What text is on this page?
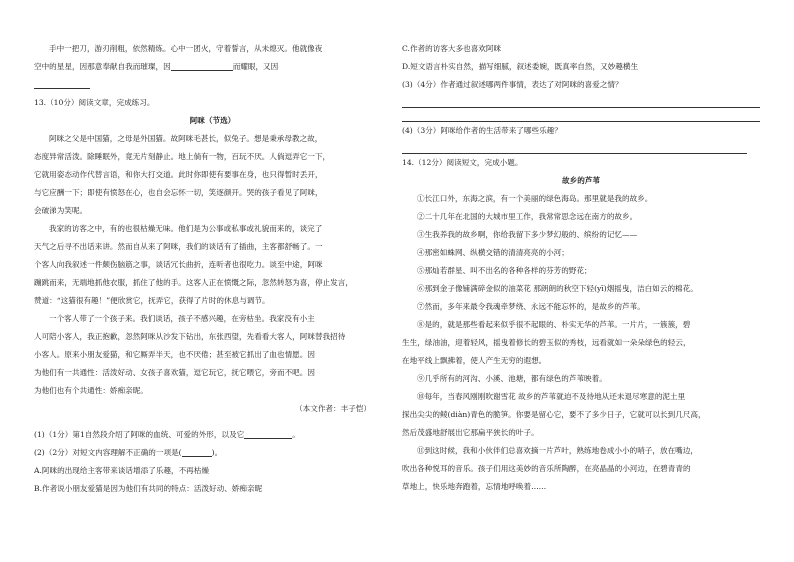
手中一把刀，游刃削粗，依然精炼。心中一团火，守着誓言，从未熄灭。他就像夜

空中的星星，因那意奉献自我而璀璨，因	而耀眼，又因

13.（10分）阅读文章，完成练习。

阿咪（节选）

阿咪之父是中国猫，之母是外国猫。故阿咪毛甚长，似兔子。想是秉承母教之故，

态度异常活泼。除睡眠外，竟无片刻静止。地上倘有一物，百玩不厌。人倘逗弄它一下，

它就用姿态动作代替言语，和你大打交道。此时你即使有要事在身，也只得暂时丢开，

与它应酬一下；即使有愤怒在心，也自会忘怀一切，笑逐颜开。哭的孩子看见了阿咪，

会破涕为笑呢。

我家的访客之中，有的也很枯燥无味。他们是为公事或私事或礼貌而来的，谈完了

天气之后寻不出话来讲。然而自从来了阿咪，我们的谈话有了插曲，主客都舒畅了。一

个客人向我叙述一件颇伤脑筋之事，谈话冗长曲折，连听者也很吃力。谈至中途，阿咪

蹦跳而来，无端地抓他衣服，抓住了他的手。这客人正在愤慨之际，忽然转怒为喜，停止发言，

赞道：“这猫很有趣！”便欣赏它，抚弄它，获得了片时的休息与调节。

一个客人带了一个孩子来。我们谈话，孩子不感兴趣，在旁枯坐。我家没有小主

人可陪小客人，我正抱歉，忽然阿咪从沙发下钻出，东张西望，先看看大客人，阿咪替我招待

小客人。原来小朋友爱猫，和它厮弄半天，也不厌倦；甚至被它抓出了血也情愿。因

为他们有一共通性：活泼好动、女孩子喜欢猫，逗它玩它，抚它喂它，旁而不吧。因

为他们也有个共通性：娇痴亲昵。

（本文作者：丰子恺）

(1)（1分）第1自然段介绍了阿咪的血统、可爱的外形，以及它	。

(2)（2分）对短文内容理解不正确的一项是(	)。

A.阿咪的出现给主客带来谈话增添了乐趣，不再枯燥

B.作者说小朋友爱猫是因为他们有共同的特点：活泼好动、娇痴亲昵

C.作者的访客大多也喜欢阿咪

D.短文语言朴实自然，描写细腻，叙述委婉，既真率自然，又妙趣横生

(3)（4分）作者通过叙述哪两件事情，表达了对阿咪的喜爱之情？

(4)（3分）阿咪给作者的生活带来了哪些乐趣？

14.（12分）阅读短文，完成小题。

故乡的芦苇

①长江口外，东海之滨，有一个美丽的绿色海岛。那里就是我的故乡。

②二十几年在北国的大城市里工作，我常常思念远在南方的故乡。

③生我养我的故乡啊，你给我留下多少梦幻般的、缤纷的记忆——

④那密如蛛网、纵横交错的清清亮亮的小河；

⑤那灿若群星、叫不出名的各种各样的芬芳的野花；

⑥那到金子像铺满碎金似的油菜花 那朗朗的秋空下轻(yī)烟摇曳，洁白如云的棉花。

⑦然而，多年来最令我魂牵梦绕、永远不能忘怀的，是故乡的芦苇。

⑧是的，就是那些看起来似乎很不起眼的、朴实无华的芦苇。一片片，一簇簇，碧

生生，绿油油，迎着轻风，摇曳着修长的碧玉似的秀枝，远看就如一朵朵绿色的轻云，

在地平线上飘拂着，使人产生无穷的遐想。

⑨几乎所有的河沟、小溪、池塘，都有绿色的芦苇映着。

⑩每年，当春风刚刚吹谢雪花 故乡的芦苇就迫不及待地从还未退尽寒意的泥土里

探出尖尖的鲮(diàn)青色的脆笋。你要是留心它，要不了多少日子，它就可以长到几尺高，

然后茂盛地舒展出它那扁平狭长的叶子。

⑪到这时候，我和小伙伴们总喜欢摘一片芦叶，熟练地卷成小小的哨子，放在嘴边，

吹出各种悦耳的音乐。孩子们用这美妙的音乐所陶醉，在亮晶晶的小河边，在碧青青的

草地上，快乐地奔跑着，忘情地呼唤着……
